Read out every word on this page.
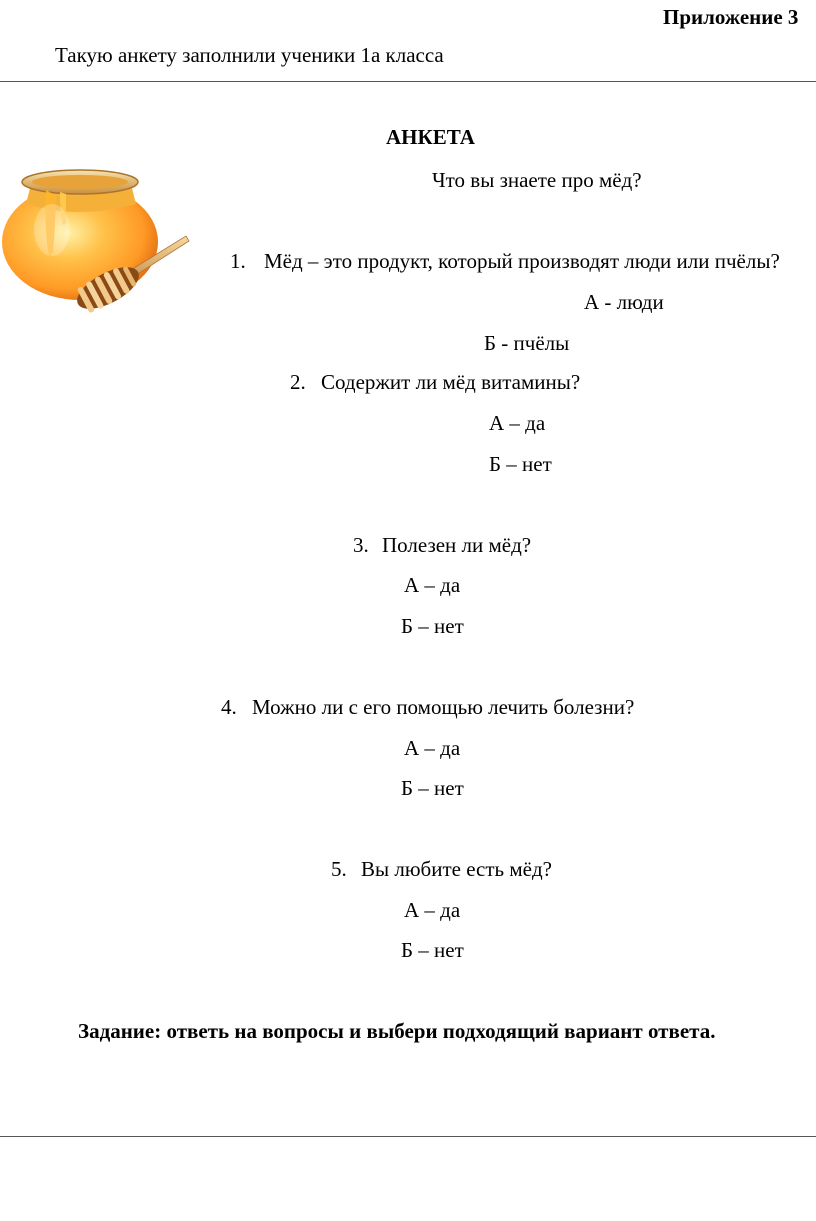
Приложение 3
Такую анкету заполнили ученики 1а класса
АНКЕТА
Что вы знаете про мёд?
1. Мёд – это продукт, который производят люди или пчёлы?
А - люди
Б - пчёлы
2. Содержит ли мёд витамины?
А – да
Б – нет
3. Полезен ли мёд?
А – да
Б – нет
4. Можно ли с его помощью лечить болезни?
А – да
Б – нет
5. Вы любите есть мёд?
А – да
Б – нет
Задание: ответь на вопросы и выбери подходящий вариант ответа.
